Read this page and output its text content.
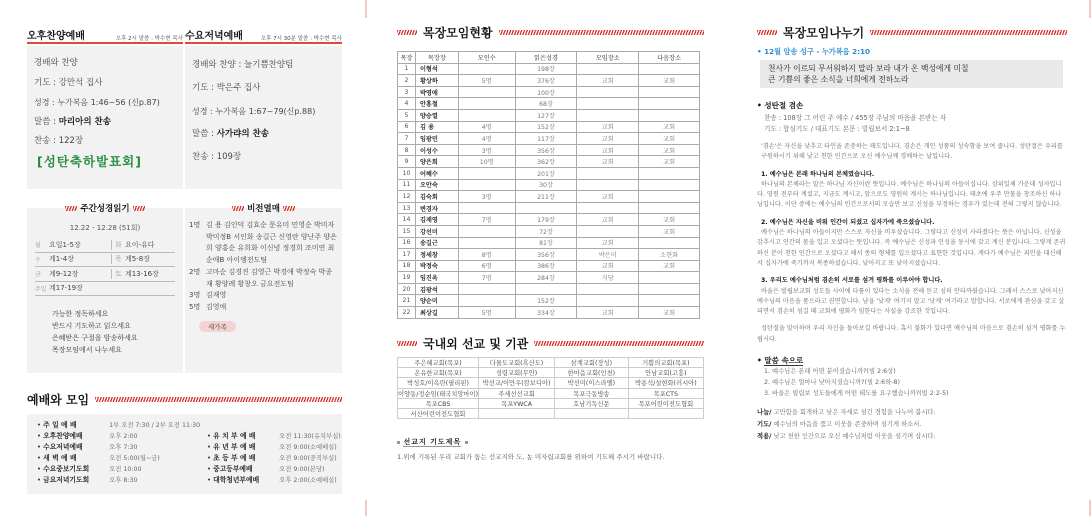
오후찬양예배	오후 2시 말씀 : 박수현 목사
경배와 찬양
기도 : 강만석 집사
성경 : 누가복음 1:46~56 (신p.87)
말씀 : 마리아의 찬송
찬송 : 122장
[성탄축하발표회]
수요저녁예배	오후 7시 30분 말씀 : 박수현 목사
경배와 찬양 : 늘기쁨찬양팀
기도 : 박은주 집사
성경 : 누가복음 1:67~79(신p.88)
말씀 : 사가랴의 찬송
찬송 : 109장
주간성경읽기
12.22 - 12.28 (51회)
월	요일1-5장	화 요이-유다
수	계1-4장	목 계5-8장
금	계9-12장	토 계13-16장
주일 계17-19장
가능한 정독하세요
반드시 기도하고 읽으세요
은혜받은 구절을 암송하세요
목장모임에서 나누세요
비전열매
1명 김 용 김인덕 김효순 문유미 민영순 박미자 박미정B 서인화 송길근 신영란 양난주 양은희 양홍순 유희화 이신녕 정경희 조미연 최순애B 아이엠전도팀
2명 고마순 김경진 김영근 박경애 박정숙 박종재 황양례 황창오 금요전도팀
3명 김재영
5명 김영애
새가족
예배와 모임
• 주 일 예 배	1부 오전 7:30 / 2부 오전 11:30
• 오후찬양예배	오후 2:00
• 수요저녁예배	오후 7:30
• 새 벽 예 배	오전 5:00(월~금)
• 수요중보기도회	오전 10:00
• 금요저녁기도회	오후 8:30
• 유 치 부 예 배	오전 11:30(유치부실)
• 유 년 부 예 배	오전 9:00(소예배실)
• 초 등 부 예 배	오전 9:00(중직부실)
• 중고등부예배	오전 9:00(본당)
• 대학청년부예배	오후 2:00(소예배실)
목장모임현황
목장	목장장	모인수	읽은성경	모임장소	다음장소
1	이형석		198장		
2	황상하	5명	376장	교회	교회
3	박영애		100장		
4	안홍철		68장		
5	양승열		127장		
6	김 용	4명	152장	교회	교회
7	임광민	4명	117장	교회	교회
8	이성수	3명	356장	교회	교회
9	양은희	10명	362장	교회	교회
10	어혜수		201장		
11	오안숙		30장		
12	김숙회	3명	211장	교회	
13	변경자				
14	김재영	7명	179장	교회	교회
15	강선미		72장		교회
16	송길근		81장	교회	
17	정세창	8명	356장	박은미	소현화
18	박정숙	6명	386장	교회	교회
19	임진옥	7명	284장	식당	
20	김광석				
21	양순미		152장		
22	최상길	5명	334장	교회	교회
국내외 선교 및 기관
주은혜교회(목포)	다물도교회(흑산도)	삼계교회(장성)	기쁨의교회(목포)
온유한교회(목포)	성령교회(무안)	한마음교회(인천)	안남교회(고흥)
박성호/이옥란(필리핀)	박선교/이만우(캄보디아)	박선미(이스라엘)	박용석/설현화(러시아)
이양동/정순임(태국치앙마이)	주세선선교회	목포극동방송	목포CTS
목포CBS	목포YWCA	호남기독신문	목포어린이전도협회
서산어린이전도협회			
선교지 기도제목
1.위에 기록된 우리 교회가 돕는 선교지와 도, 농 미자립교회를 위하여 기도해 주시기 바랍니다.
목장모임나누기
• 12월 암송 성구 - 누가복음 2:10
천사가 이르되 무서워하지 말라 보라 내가 온 백성에게 미칠
큰 기쁨의 좋은 소식을 너희에게 전하노라
• 성탄절 겸손
찬송 : 108장 그 어린 주 예수 / 455장 주님의 마음을 본받는 자
기도 : 합심기도 / 대표기도 본문 : 빌립보서 2:1~8
'겸손'은 자신을 낮추고 타인을 존중하는 태도입니다. 겸손은 개인 성품의 성숙함을 보여 줍니다. 성탄절은 우리를 구원하시기 위해 낮고 천한 인간으로 오신 예수님께 경배하는 날입니다.
1. 예수님은 본래 하나님의 본체였습니다.
하나님의 본체라는 말은 하나님 자신이란 뜻입니다. 예수님은 하나님의 아들이십니다. 삼위일체 가운데 성자입니다. 영원 전부터 계셨고, 지금도 계시고, 앞으로도 영원히 계시는 하나님입니다. 태초에 우주 만물을 창조하신 하나님입니다. 이단 중에는 예수님의 인간으로서의 모습만 보고 신성을 부정하는 경우가 있는데 전혀 그렇지 않습니다.
2. 예수님은 자신을 비워 인간이 되셨고 십자가에 죽으셨습니다.
예수님은 하나님의 아들이지만 스스로 자신을 비우셨습니다. 그렇다고 신성이 사라졌다는 뜻은 아닙니다. 신성을 감추시고 인간의 몸을 입고 오셨다는 뜻입니다. 즉 예수님은 신성과 인성을 동시에 갖고 계신 분입니다. 그렇게 존귀하신 분이 천한 인간으로 오셨다고 해서 종의 형체를 입으셨다고 표현한 것입니다. 게다가 예수님은 죄인을 대신해서 십자가에 죽기까지 복종하셨습니다. 낮아지고 또 낮아지셨습니다.
3. 우리도 예수님처럼 겸손히 서로를 섬겨 평화를 이루어야 합니다.
바울은 빌립보교회 성도들 사이에 다툼이 있다는 소식을 전해 듣고 심히 안타까웠습니다. 그래서 스스로 낮아지신 예수님의 마음을 품으라고 권면합니다. 남을 '낮게' 여기지 말고 '낫게' 여기라고 말합니다. 서로에게 관심을 갖고 살피면서 겸손히 섬길 때 교회에 평화가 임한다는 사실을 강조한 것입니다.
성탄절을 맞이하며 우리 자신을 돌아보길 바랍니다. 혹시 불화가 있다면 예수님의 마음으로 겸손히 섬겨 평화를 누립시다.
• 말씀 속으로
1. 예수님은 본래 어떤 분이셨습니까?(빌 2:6상)
2. 예수님은 얼마나 낮아지셨습니까?(빌 2:6하-8)
3. 바울은 빌립보 성도들에게 어떤 태도를 요구했습니까?(빌 2:2-5)
나눔/ 고만함을 회개하고 낮은 자세로 섬긴 경험을 나누어 봅시다.
기도/ 예수님의 마음을 품고 이웃을 존중하며 섬기게 하소서.
적용/ 낮고 천한 인간으로 오신 예수님처럼 이웃을 섬기며 삽시다.
